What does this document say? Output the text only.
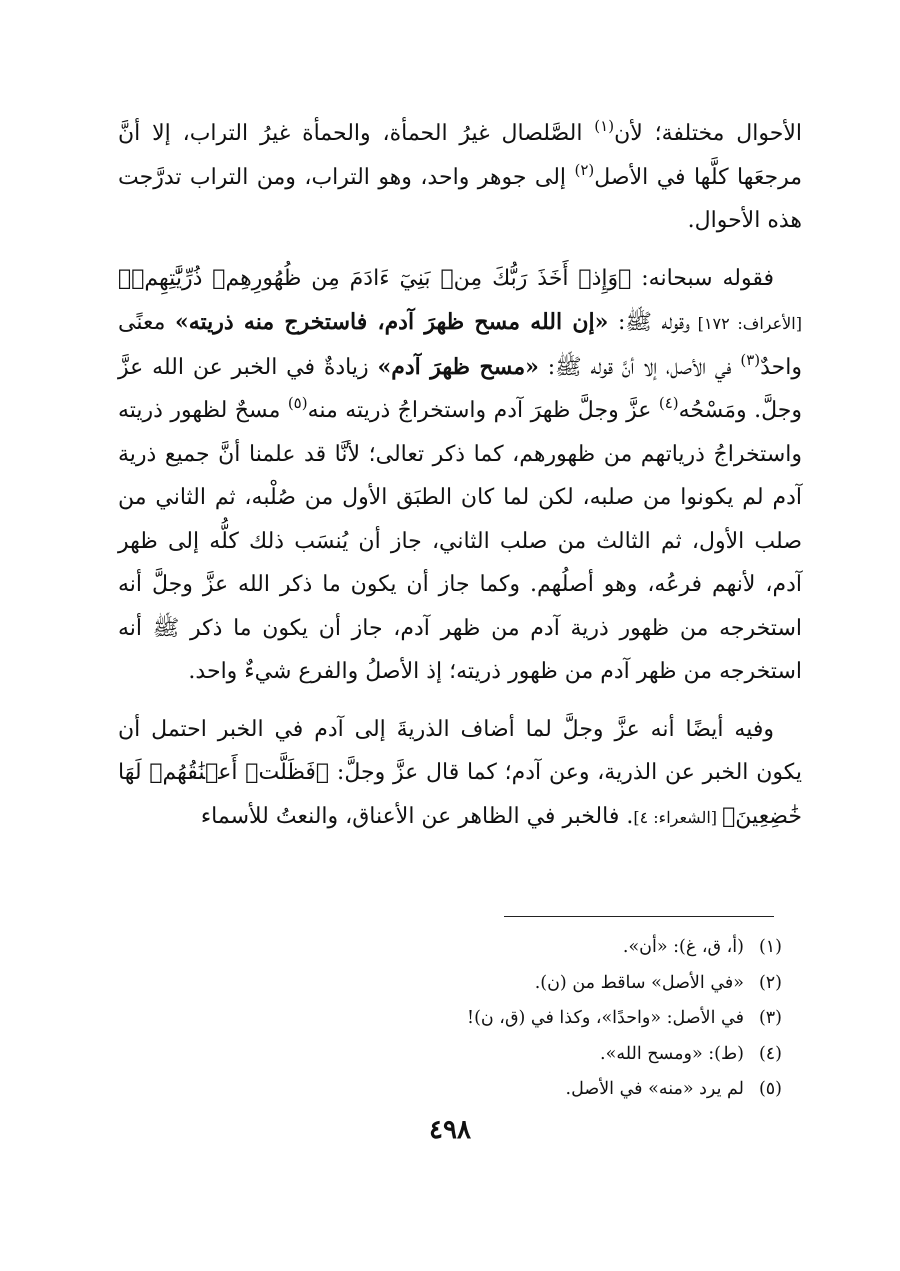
الأحوال مختلفة؛ لأن$^{(١)}$ الصَّلصال غيرُ الحمأة، والحمأة غيرُ التراب، إلا أنَّ مرجعَها كلَّها في الأصل$^{(٢)}$ إلى جوهر واحد، وهو التراب، ومن التراب تدرَّجت هذه الأحوال.

فقوله سبحانه: ﴿وَإِذۡ أَخَذَ رَبُّكَ مِنۢ بَنِيٓ ءَادَمَ مِن ظُهُورِهِمۡ ذُرِّيَّٰتِهِمۡ﴾ [الأعراف: ١٧٢] وقوله ﷺ: «إن الله مسح ظهرَ آدم، فاستخرج منه ذريته» معنًى واحدٌ$^{(٣)}$ في الأصل، إلا أنَّ قوله ﷺ: «مسح ظهرَ آدم» زيادةٌ في الخبر عن الله عزَّ وجلَّ. ومَسْحُه$^{(٤)}$ عزَّ وجلَّ ظهرَ آدم واستخراجُ ذريته منه$^{(٥)}$ مسحٌ لظهور ذريته واستخراجُ ذرياتهم من ظهورهم، كما ذكر تعالى؛ لأنَّا قد علمنا أنَّ جميع ذرية آدم لم يكونوا من صلبه، لكن لما كان الطبَق الأول من صُلْبه، ثم الثاني من صلب الأول، ثم الثالث من صلب الثاني، جاز أن يُنسَب ذلك كلُّه إلى ظهر آدم، لأنهم فرعُه، وهو أصلُهم. وكما جاز أن يكون ما ذكر الله عزَّ وجلَّ أنه استخرجه من ظهور ذرية آدم من ظهر آدم، جاز أن يكون ما ذكر ﷺ أنه استخرجه من ظهر آدم من ظهور ذريته؛ إذ الأصلُ والفرع شيءٌ واحد.

وفيه أيضًا أنه عزَّ وجلَّ لما أضاف الذريةَ إلى آدم في الخبر احتمل أن يكون الخبر عن الذرية، وعن آدم؛ كما قال عزَّ وجلَّ: ﴿فَظَلَّتۡ أَعۡنَٰقُهُمۡ لَهَا خَٰضِعِينَ﴾ [الشعراء: ٤]. فالخبر في الظاهر عن الأعناق، والنعتُ للأسماء

(١)(أ، ق، غ): «أن».

(٢)«في الأصل» ساقط من (ن).

(٣)في الأصل: «واحدًا»، وكذا في (ق، ن)!

(٤)(ط): «ومسح الله».

(٥)لم يرد «منه» في الأصل.

٤٩٨
